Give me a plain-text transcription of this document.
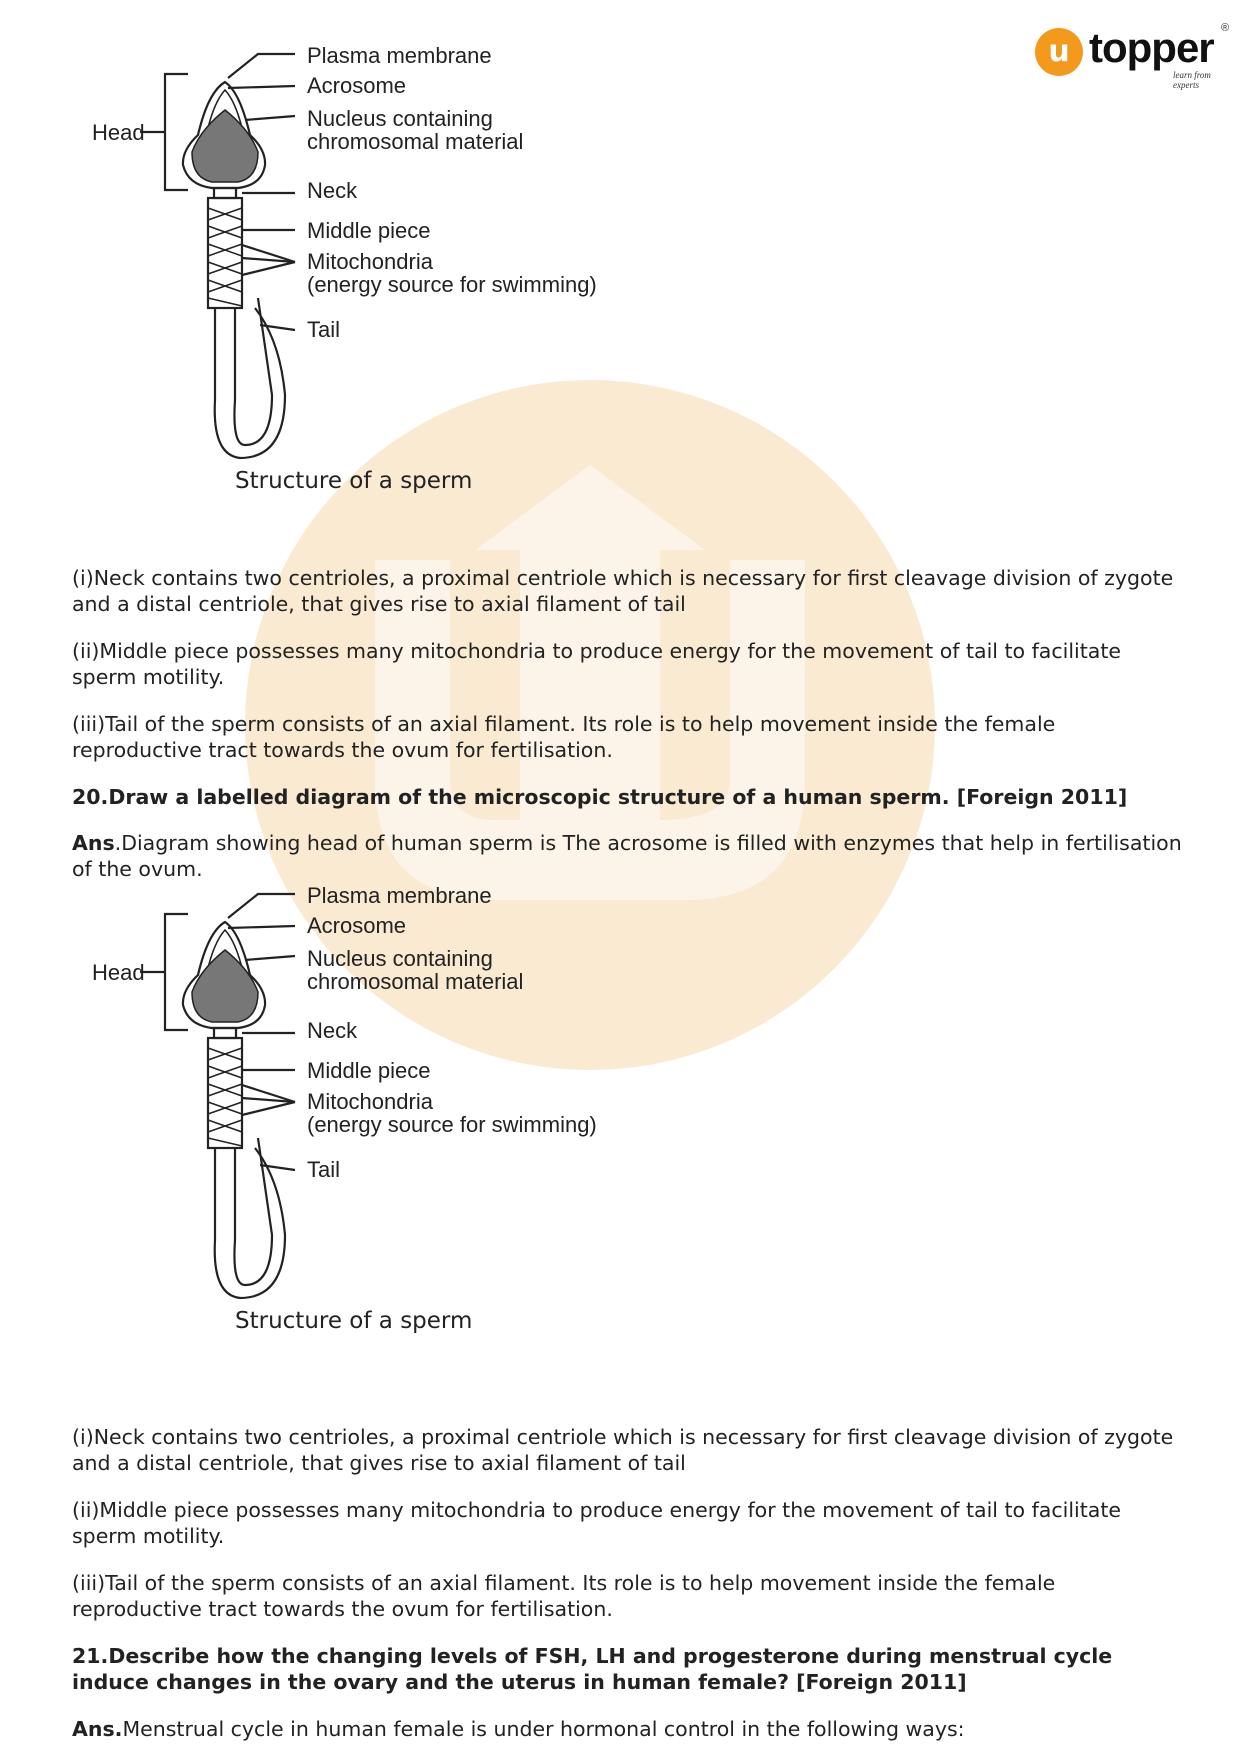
u topper
learn from experts
®
Plasma membrane
Acrosome
Nucleus containing
chromosomal material
Neck
Middle piece
Mitochondria
(energy source for swimming)
Tail
Head
Structure of a sperm

(i)Neck contains two centrioles, a proximal centriole which is necessary for first cleavage division of zygote and a distal centriole, that gives rise to axial filament of tail

(ii)Middle piece possesses many mitochondria to produce energy for the movement of tail to facilitate sperm motility.

(iii)Tail of the sperm consists of an axial filament. Its role is to help movement inside the female reproductive tract towards the ovum for fertilisation.

20.Draw a labelled diagram of the microscopic structure of a human sperm. [Foreign 2011]

Ans.Diagram showing head of human sperm is The acrosome is filled with enzymes that help in fertilisation of the ovum.

Plasma membrane
Acrosome
Nucleus containing
chromosomal material
Neck
Middle piece
Mitochondria
(energy source for swimming)
Tail
Head
Structure of a sperm

(i)Neck contains two centrioles, a proximal centriole which is necessary for first cleavage division of zygote and a distal centriole, that gives rise to axial filament of tail

(ii)Middle piece possesses many mitochondria to produce energy for the movement of tail to facilitate sperm motility.

(iii)Tail of the sperm consists of an axial filament. Its role is to help movement inside the female reproductive tract towards the ovum for fertilisation.

21.Describe how the changing levels of FSH, LH and progesterone during menstrual cycle induce changes in the ovary and the uterus in human female? [Foreign 2011]

Ans.Menstrual cycle in human female is under hormonal control in the following ways:
